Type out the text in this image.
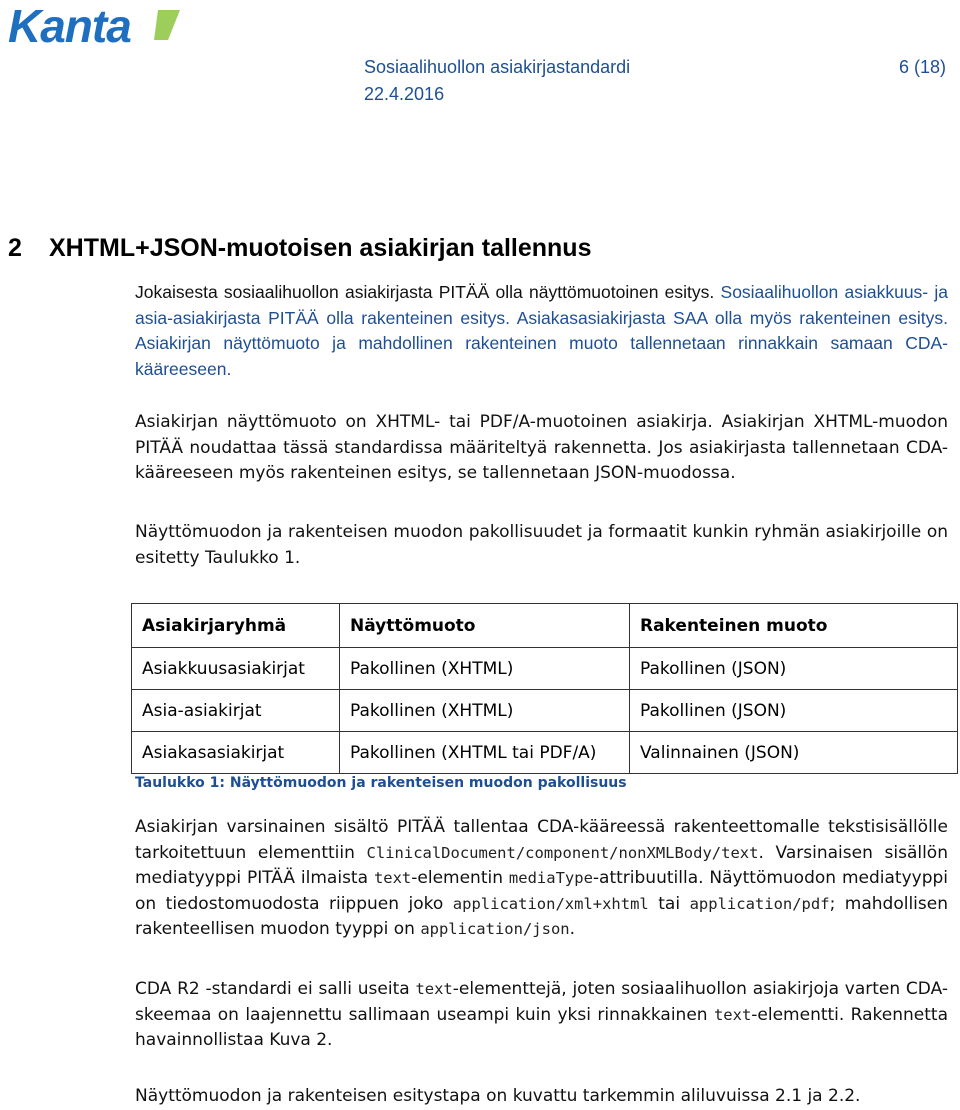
Kanta
Sosiaalihuollon asiakirjastandardi	6 (18)
22.4.2016
2 XHTML+JSON-muotoisen asiakirjan tallennus

Jokaisesta sosiaalihuollon asiakirjasta PITÄÄ olla näyttömuotoinen esitys. Sosiaalihuollon asiakkuus- ja asia-asiakirjasta PITÄÄ olla rakenteinen esitys. Asiakasasiakirjasta SAA olla myös rakenteinen esitys. Asiakirjan näyttömuoto ja mahdollinen rakenteinen muoto tallennetaan rinnakkain samaan CDA-kääreeseen.

Asiakirjan näyttömuoto on XHTML- tai PDF/A-muotoinen asiakirja. Asiakirjan XHTML-muodon PITÄÄ noudattaa tässä standardissa määriteltyä rakennetta. Jos asiakirjasta tallennetaan CDA-kääreeseen myös rakenteinen esitys, se tallennetaan JSON-muodossa.

Näyttömuodon ja rakenteisen muodon pakollisuudet ja formaatit kunkin ryhmän asiakirjoille on esitetty Taulukko 1.

Asiakirjaryhmä	Näyttömuoto	Rakenteinen muoto
Asiakkuusasiakirjat	Pakollinen (XHTML)	Pakollinen (JSON)
Asia-asiakirjat	Pakollinen (XHTML)	Pakollinen (JSON)
Asiakasasiakirjat	Pakollinen (XHTML tai PDF/A)	Valinnainen (JSON)
Taulukko 1: Näyttömuodon ja rakenteisen muodon pakollisuus

Asiakirjan varsinainen sisältö PITÄÄ tallentaa CDA-kääreessä rakenteettomalle tekstisisällölle tarkoitettuun elementtiin ClinicalDocument/component/nonXMLBody/text. Varsinaisen sisällön mediatyyppi PITÄÄ ilmaista text-elementin mediaType-attribuutilla. Näyttömuodon mediatyyppi on tiedostomuodosta riippuen joko application/xml+xhtml tai application/pdf; mahdollisen rakenteellisen muodon tyyppi on application/json.

CDA R2 -standardi ei salli useita text-elementtejä, joten sosiaalihuollon asiakirjoja varten CDA-skeemaa on laajennettu sallimaan useampi kuin yksi rinnakkainen text-elementti. Rakennetta havainnollistaa Kuva 2.

Näyttömuodon ja rakenteisen esitystapa on kuvattu tarkemmin aliluvuissa 2.1 ja 2.2.
